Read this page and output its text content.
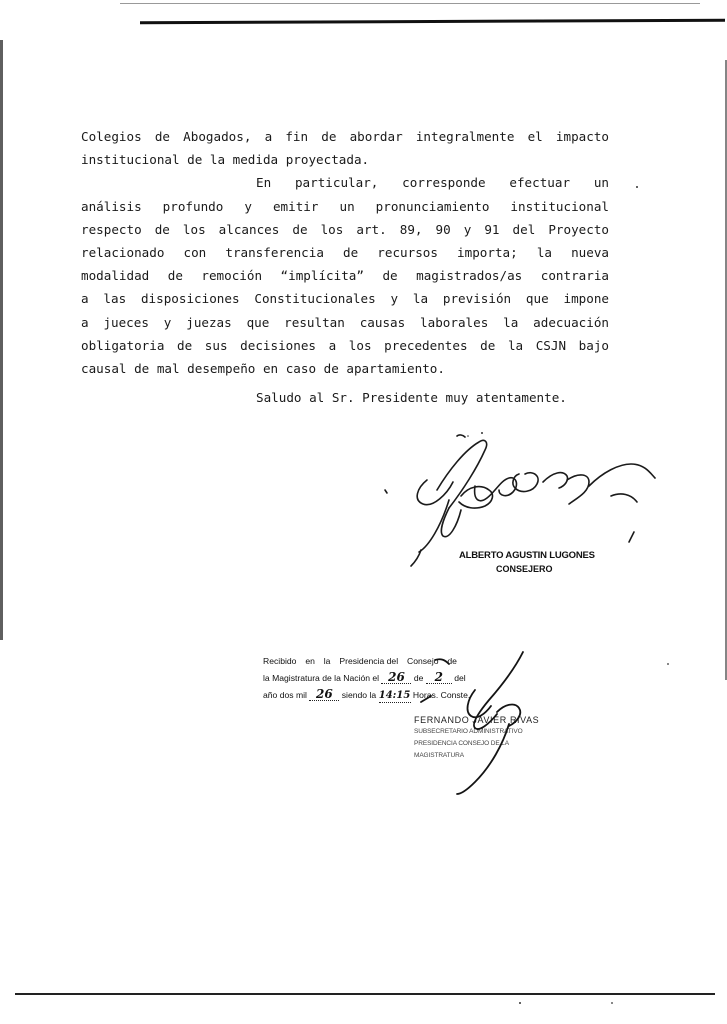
Colegios de Abogados, a fin de abordar integralmente el impacto

institucional de la medida proyectada.

En particular, corresponde efectuar un

análisis profundo y emitir un pronunciamiento institucional

respecto de los alcances de los art. 89, 90 y 91 del Proyecto

relacionado con transferencia de recursos importa; la nueva

modalidad de remoción “implícita” de magistrados/as contraria

a las disposiciones Constitucionales y la previsión que impone

a jueces y juezas que resultan causas laborales la adecuación

obligatoria de sus decisiones a los precedentes de la CSJN bajo

causal de mal desempeño en caso de apartamiento.

Saludo al Sr. Presidente muy atentamente.

ALBERTO AGUSTIN LUGONES
CONSEJERO
Recibido en la Presidencia del Consejo de
la Magistratura de la Nación el 26 de 2 del
año dos mil 26 siendo la 14:15 Horas. Conste.
FERNANDO JAVIER RIVAS
SUBSECRETARIO ADMINISTRATIVO
PRESIDENCIA CONSEJO DE LA MAGISTRATURA
